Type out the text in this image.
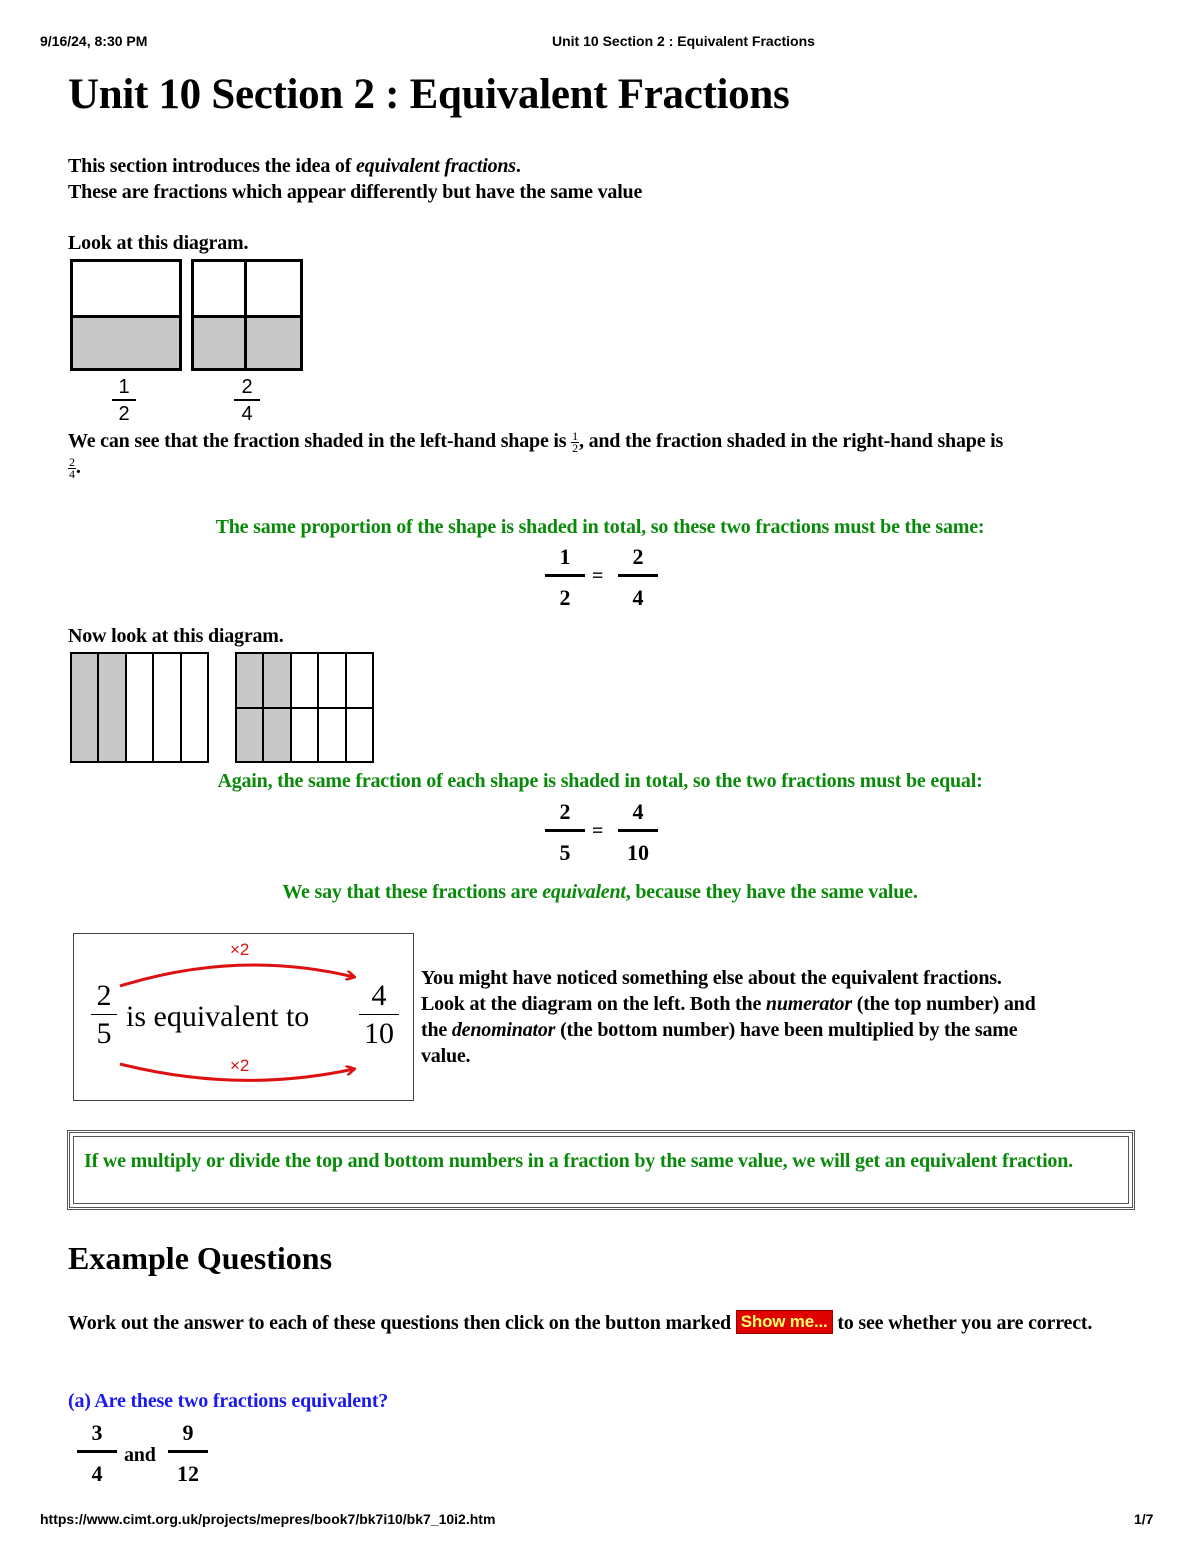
9/16/24, 8:30 PM	Unit 10 Section 2 : Equivalent Fractions
Unit 10 Section 2 : Equivalent Fractions
This section introduces the idea of equivalent fractions.
These are fractions which appear differently but have the same value
Look at this diagram.
1
2
2
4
We can see that the fraction shaded in the left-hand shape is $\frac{1}{2}$ , and the fraction shaded in the right-hand shape is

$\frac{2}{4}$ .
The same proportion of the shape is shaded in total, so these two fractions must be the same:
1
2
=
2
4
Now look at this diagram.
Again, the same fraction of each shape is shaded in total, so the two fractions must be equal:
2
5
=
4
10
We say that these fractions are equivalent, because they have the same value.
×2
×2
2
5
is equivalent to
4
10
You might have noticed something else about the equivalent fractions.
Look at the diagram on the left. Both the numerator (the top number) and
the denominator (the bottom number) have been multiplied by the same
value.
If we multiply or divide the top and bottom numbers in a fraction by the same value, we will get an equivalent fraction.
Example Questions
Work out the answer to each of these questions then click on the button marked Show me... to see whether you are correct.
(a) Are these two fractions equivalent?
3
4
and
9
12
https://www.cimt.org.uk/projects/mepres/book7/bk7i10/bk7_10i2.htm	1/7
